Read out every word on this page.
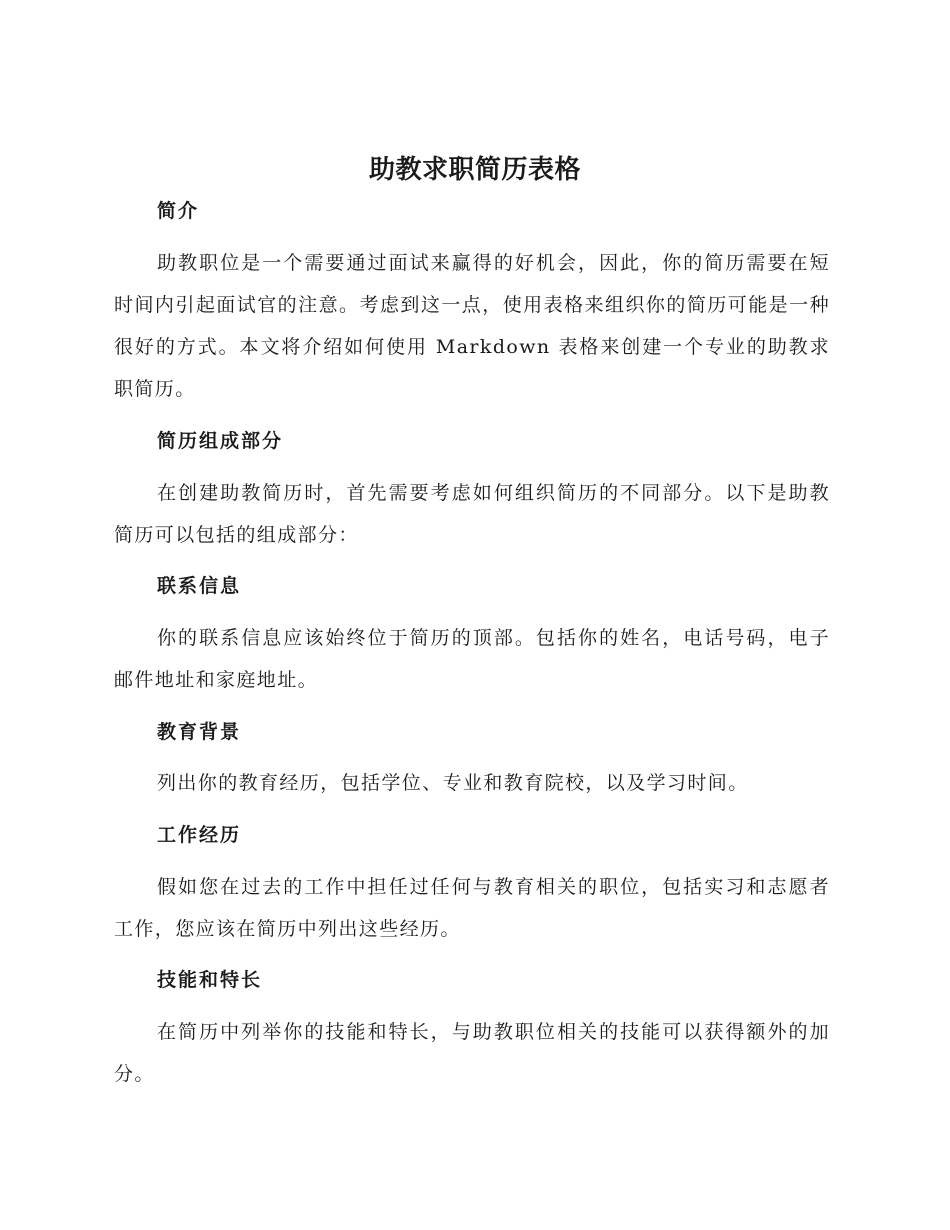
助教求职简历表格
简介

助教职位是一个需要通过面试来赢得的好机会，因此，你的简历需要在短时间内引起面试官的注意。考虑到这一点，使用表格来组织你的简历可能是一种很好的方式。本文将介绍如何使用 Markdown 表格来创建一个专业的助教求职简历。

简历组成部分

在创建助教简历时，首先需要考虑如何组织简历的不同部分。以下是助教简历可以包括的组成部分：

联系信息

你的联系信息应该始终位于简历的顶部。包括你的姓名，电话号码，电子邮件地址和家庭地址。

教育背景

列出你的教育经历，包括学位、专业和教育院校，以及学习时间。

工作经历

假如您在过去的工作中担任过任何与教育相关的职位，包括实习和志愿者工作，您应该在简历中列出这些经历。

技能和特长

在简历中列举你的技能和特长，与助教职位相关的技能可以获得额外的加分。
